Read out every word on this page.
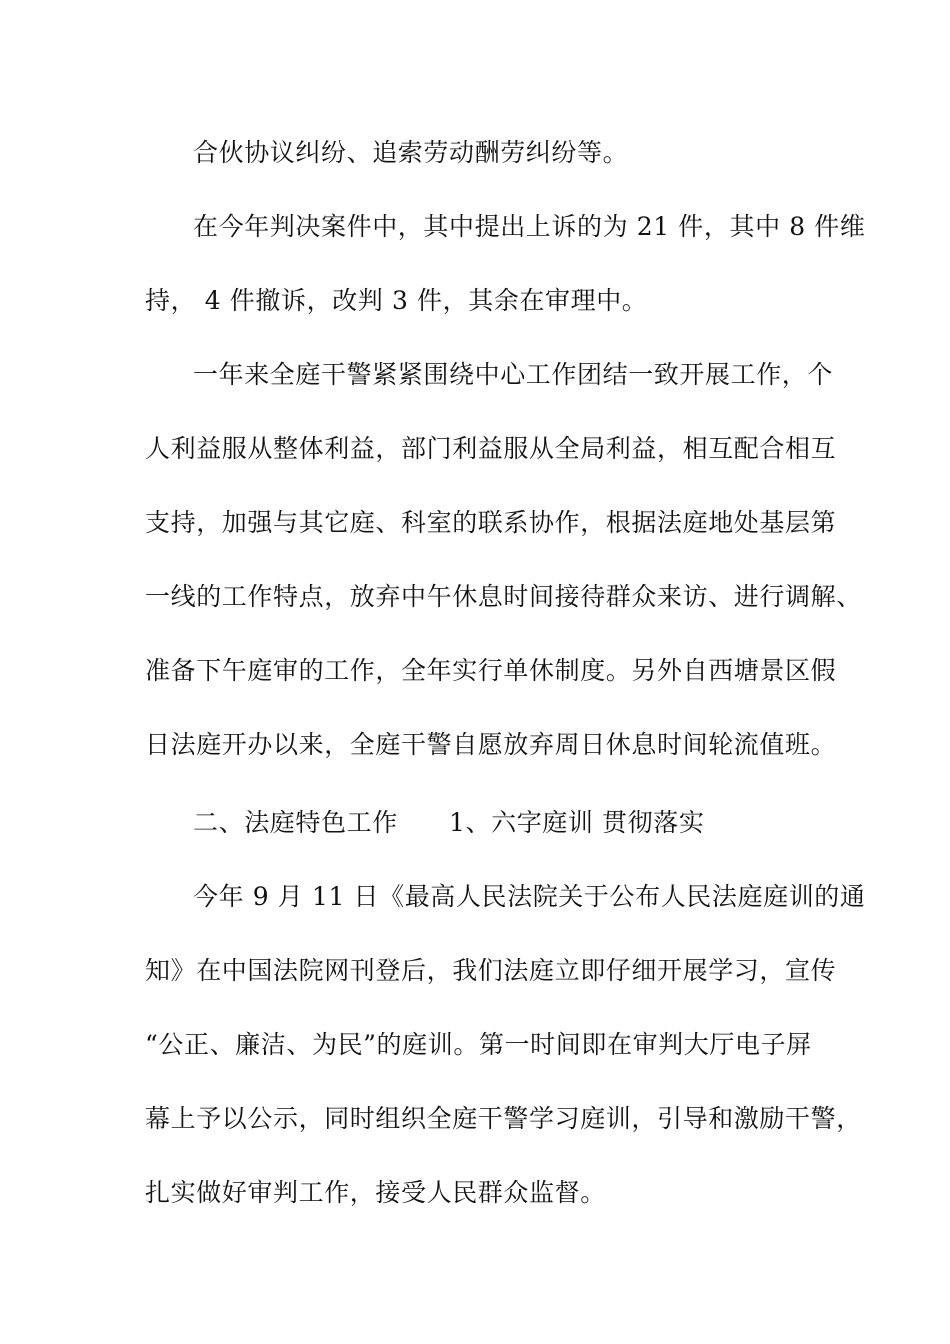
合伙协议纠纷、追索劳动酬劳纠纷等。
在今年判决案件中，其中提出上诉的为 21 件，其中 8 件维
持， 4 件撤诉，改判 3 件，其余在审理中。
一年来全庭干警紧紧围绕中心工作团结一致开展工作，个
人利益服从整体利益，部门利益服从全局利益，相互配合相互
支持，加强与其它庭、科室的联系协作，根据法庭地处基层第
一线的工作特点，放弃中午休息时间接待群众来访、进行调解、
准备下午庭审的工作，全年实行单休制度。另外自西塘景区假
日法庭开办以来，全庭干警自愿放弃周日休息时间轮流值班。
二、法庭特色工作　　1、六字庭训 贯彻落实
今年 9 月 11 日《最高人民法院关于公布人民法庭庭训的通
知》在中国法院网刊登后，我们法庭立即仔细开展学习，宣传
“公正、廉洁、为民”的庭训。第一时间即在审判大厅电子屏
幕上予以公示，同时组织全庭干警学习庭训，引导和激励干警，
扎实做好审判工作，接受人民群众监督。
